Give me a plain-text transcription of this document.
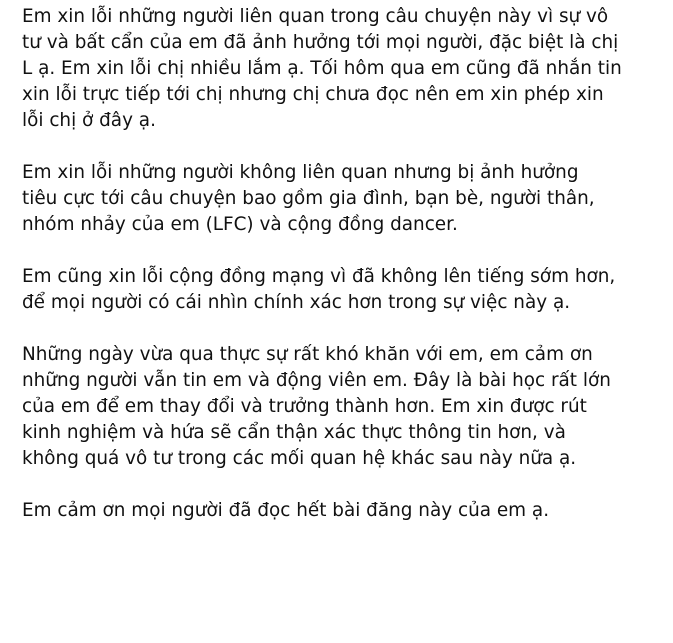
Em xin lỗi những người liên quan trong câu chuyện này vì sự vô
tư và bất cẩn của em đã ảnh hưởng tới mọi người, đặc biệt là chị
L ạ. Em xin lỗi chị nhiều lắm ạ. Tối hôm qua em cũng đã nhắn tin
xin lỗi trực tiếp tới chị nhưng chị chưa đọc nên em xin phép xin
lỗi chị ở đây ạ.

Em xin lỗi những người không liên quan nhưng bị ảnh hưởng
tiêu cực tới câu chuyện bao gồm gia đình, bạn bè, người thân,
nhóm nhảy của em (LFC) và cộng đồng dancer.

Em cũng xin lỗi cộng đồng mạng vì đã không lên tiếng sớm hơn,
để mọi người có cái nhìn chính xác hơn trong sự việc này ạ.

Những ngày vừa qua thực sự rất khó khăn với em, em cảm ơn
những người vẫn tin em và động viên em. Đây là bài học rất lớn
của em để em thay đổi và trưởng thành hơn. Em xin được rút
kinh nghiệm và hứa sẽ cẩn thận xác thực thông tin hơn, và
không quá vô tư trong các mối quan hệ khác sau này nữa ạ.

Em cảm ơn mọi người đã đọc hết bài đăng này của em ạ.
